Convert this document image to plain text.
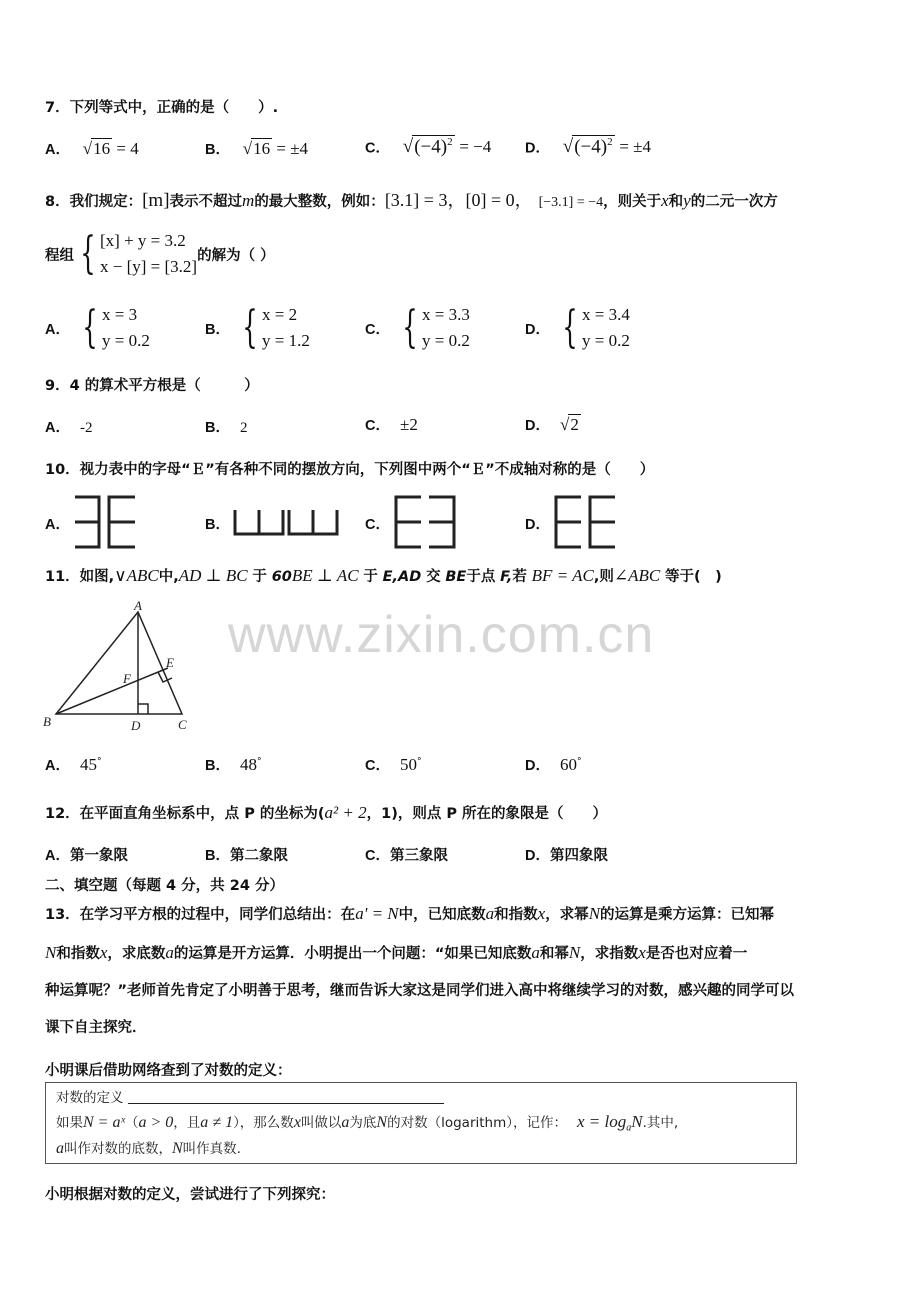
www.zixin.com.cn
7．下列等式中，正确的是（　　）.
A． √16 = 4	B． √16 = ±4	C． $√(-4)^2 = -4$ D． $√(-4)^2 = \pm 4$
8．我们规定：[m]表示不超过m的最大整数，例如：[3.1] = 3，[0] = 0， [−3.1] = −4，则关于x和y的二元一次方
程组 { [x] + y = 3.2
x − [y] = [3.2]
的解为（ ）
A． { x = 3
y = 0.2
B． { x = 2
y = 1.2
C． { x = 3.3
y = 0.2
D． { x = 3.4
y = 0.2
9．4 的算术平方根是（　　　）
A． -2	B． 2	C． ±2	D． √2
10．视力表中的字母“Ｅ”有各种不同的摆放方向，下列图中两个“Ｅ”不成轴对称的是（　　）
A．	B．	C．	D．
11．如图,∨ABC中,AD ⊥ BC 于 60BE ⊥ AC 于 E,AD 交 BE于点 F,若 BF = AC,则∠ABC 等于(　)
A
B	C
D
E
F
A． 45°	B． 48°	C． 50°	D． 60°
12．在平面直角坐标系中，点 P 的坐标为(a² + 2，1)，则点 P 所在的象限是（　　）
A．第一象限	B．第二象限	C．第三象限	D．第四象限
二、填空题（每题 4 分，共 24 分）
13．在学习平方根的过程中，同学们总结出：在a' = N中，已知底数a和指数x，求幂N的运算是乘方运算：已知幂
N和指数x，求底数a的运算是开方运算．小明提出一个问题：“如果已知底数a和幂N，求指数x是否也对应着一
种运算呢？”老师首先肯定了小明善于思考，继而告诉大家这是同学们进入高中将继续学习的对数，感兴趣的同学可以
课下自主探究．
小明课后借助网络查到了对数的定义：
对数的定义
如果N = aˣ（a > 0，且a ≠ 1），那么数x叫做以a为底N的对数（logarithm），记作： $x = \log_aN$.其中,
a叫作对数的底数，N叫作真数.
小明根据对数的定义，尝试进行了下列探究：
